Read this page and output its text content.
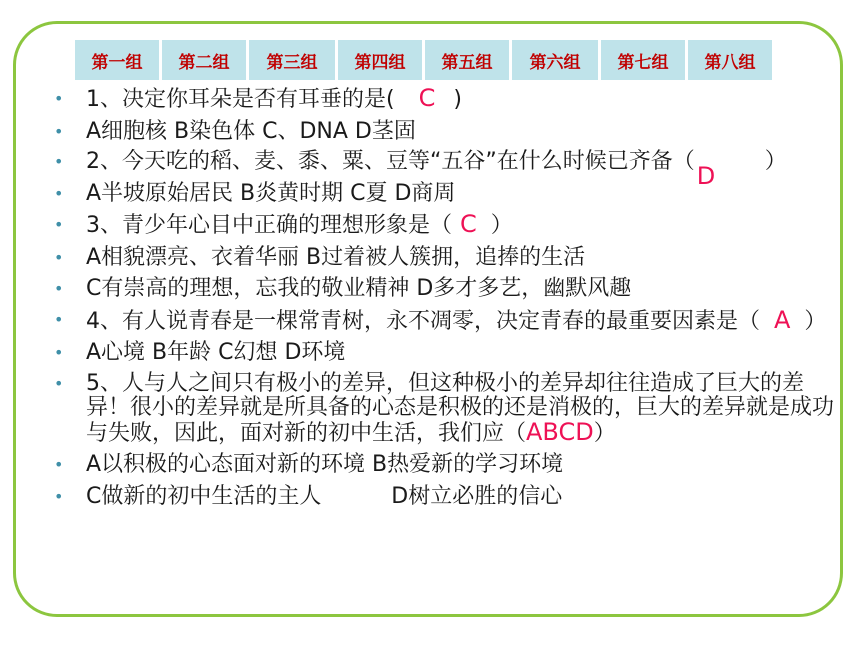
第一组	第二组	第三组	第四组	第五组	第六组	第七组	第八组
• 1、决定你耳朵是否有耳垂的是( C )
• A细胞核 B染色体 C、DNA D茎固
• 2、今天吃的稻、麦、黍、粟、豆等“五谷”在什么时候已齐备（
D
）
• A半坡原始居民 B炎黄时期 C夏 D商周
• 3、青少年心目中正确的理想形象是（ C ）
• A相貌漂亮、衣着华丽 B过着被人簇拥，追捧的生活
• C有崇高的理想，忘我的敬业精神 D多才多艺，幽默风趣
• 4、有人说青春是一棵常青树，永不凋零，决定青春的最重要因素是（ A ）
• A心境 B年龄 C幻想 D环境
• 5、人与人之间只有极小的差异，但这种极小的差异却往往造成了巨大的差异！很小的差异就是所具备的心态是积极的还是消极的，巨大的差异就是成功与失败，因此，面对新的初中生活，我们应（ABCD）
• A以积极的心态面对新的环境 B热爱新的学习环境
• C做新的初中生活的主人          D树立必胜的信心
